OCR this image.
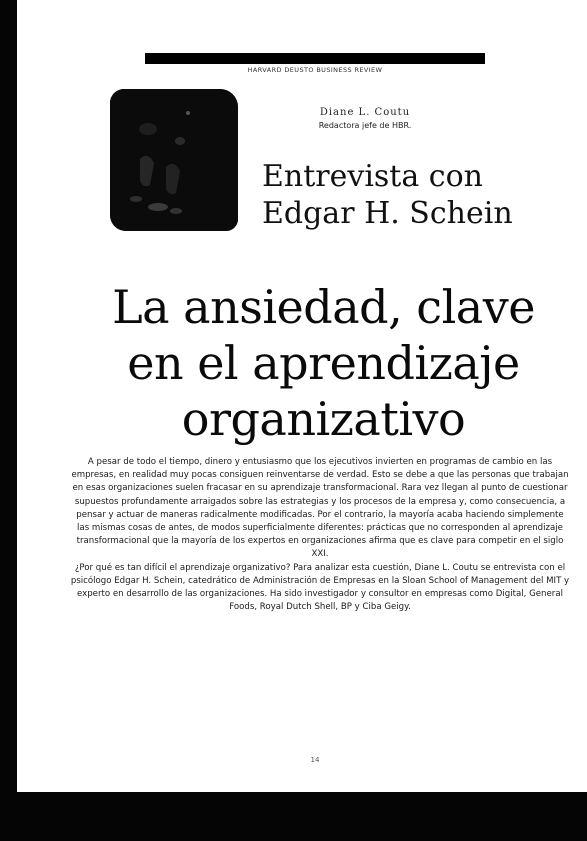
HARVARD DEUSTO BUSINESS REVIEW
Diane L. Coutu
Redactora jefe de HBR.
Entrevista con
Edgar H. Schein
La ansiedad, clave
en el aprendizaje
organizativo

A pesar de todo el tiempo, dinero y entusiasmo que los ejecutivos invierten en programas de cambio en las empresas, en realidad muy pocas consiguen reinventarse de verdad. Esto se debe a que las personas que trabajan en esas organizaciones suelen fracasar en su aprendizaje transformacional. Rara vez llegan al punto de cuestionar supuestos profundamente arraigados sobre las estrategias y los procesos de la empresa y, como consecuencia, a pensar y actuar de maneras radicalmente modificadas. Por el contrario, la mayoría acaba haciendo simplemente las mismas cosas de antes, de modos superficialmente diferentes: prácticas que no corresponden al aprendizaje transformacional que la mayoría de los expertos en organizaciones afirma que es clave para competir en el siglo XXI.

¿Por qué es tan difícil el aprendizaje organizativo? Para analizar esta cuestión, Diane L. Coutu se entrevista con el psicólogo Edgar H. Schein, catedrático de Administración de Empresas en la Sloan School of Management del MIT y experto en desarrollo de las organizaciones. Ha sido investigador y consultor en empresas como Digital, General Foods, Royal Dutch Shell, BP y Ciba Geigy.

14
